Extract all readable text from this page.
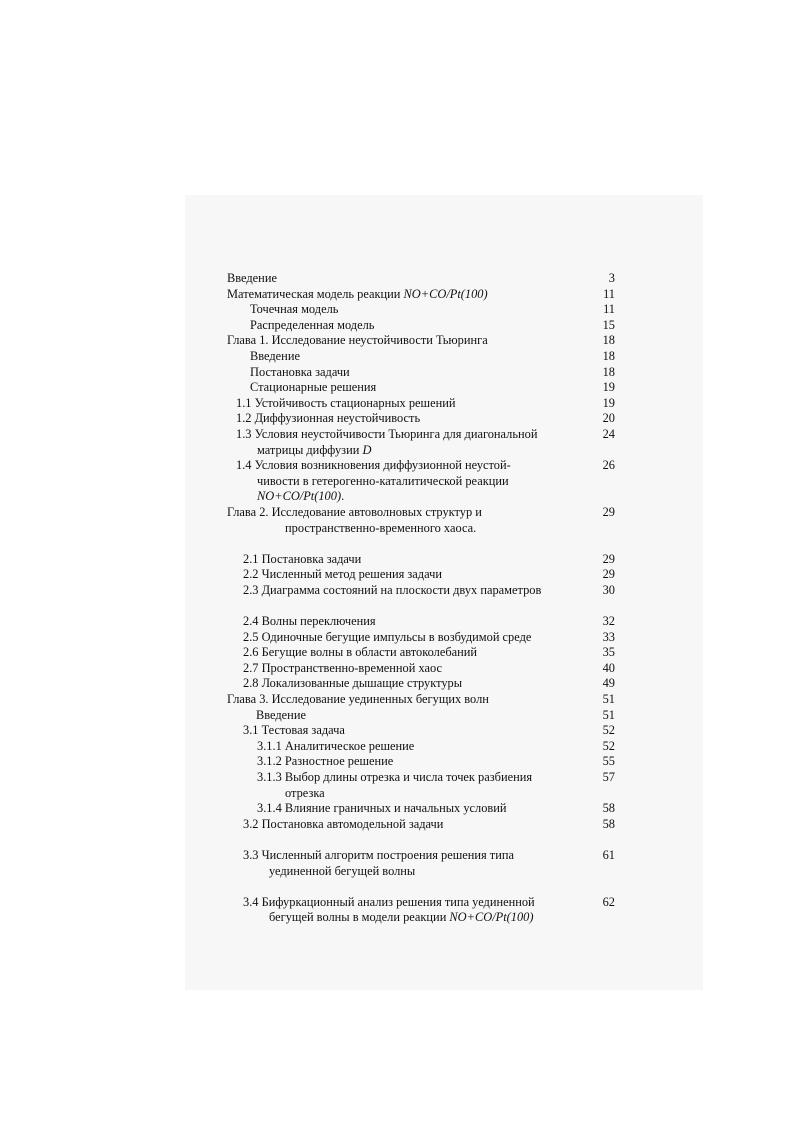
Введение	3
Математическая модель реакции NO+CO/Pt(100)	11
Точечная модель	11
Распределенная модель	15
Глава 1. Исследование неустойчивости Тьюринга	18
Введение	18
Постановка задачи	18
Стационарные решения	19
1.1 Устойчивость стационарных решений	19
1.2 Диффузионная неустойчивость	20
1.3 Условия неустойчивости Тьюринга для диагональной	24
матрицы диффузии D
1.4 Условия возникновения диффузионной неустой-	26
чивости в гетерогенно-каталитической реакции
NO+CO/Pt(100).
Глава 2. Исследование автоволновых структур и	29
пространственно-временного хаоса.
2.1 Постановка задачи	29
2.2 Численный метод решения задачи	29
2.3 Диаграмма состояний на плоскости двух параметров	30
2.4 Волны переключения	32
2.5 Одиночные бегущие импульсы в возбудимой среде	33
2.6 Бегущие волны в области автоколебаний	35
2.7 Пространственно-временной хаос	40
2.8 Локализованные дышащие структуры	49
Глава 3. Исследование уединенных бегущих волн	51
Введение	51
3.1 Тестовая задача	52
3.1.1 Аналитическое решение	52
3.1.2 Разностное решение	55
3.1.3 Выбор длины отрезка и числа точек разбиения	57
отрезка
3.1.4 Влияние граничных и начальных условий	58
3.2 Постановка автомодельной задачи	58
3.3 Численный алгоритм построения решения типа	61
уединенной бегущей волны
3.4 Бифуркационный анализ решения типа уединенной	62
бегущей волны в модели реакции NO+CO/Pt(100)
